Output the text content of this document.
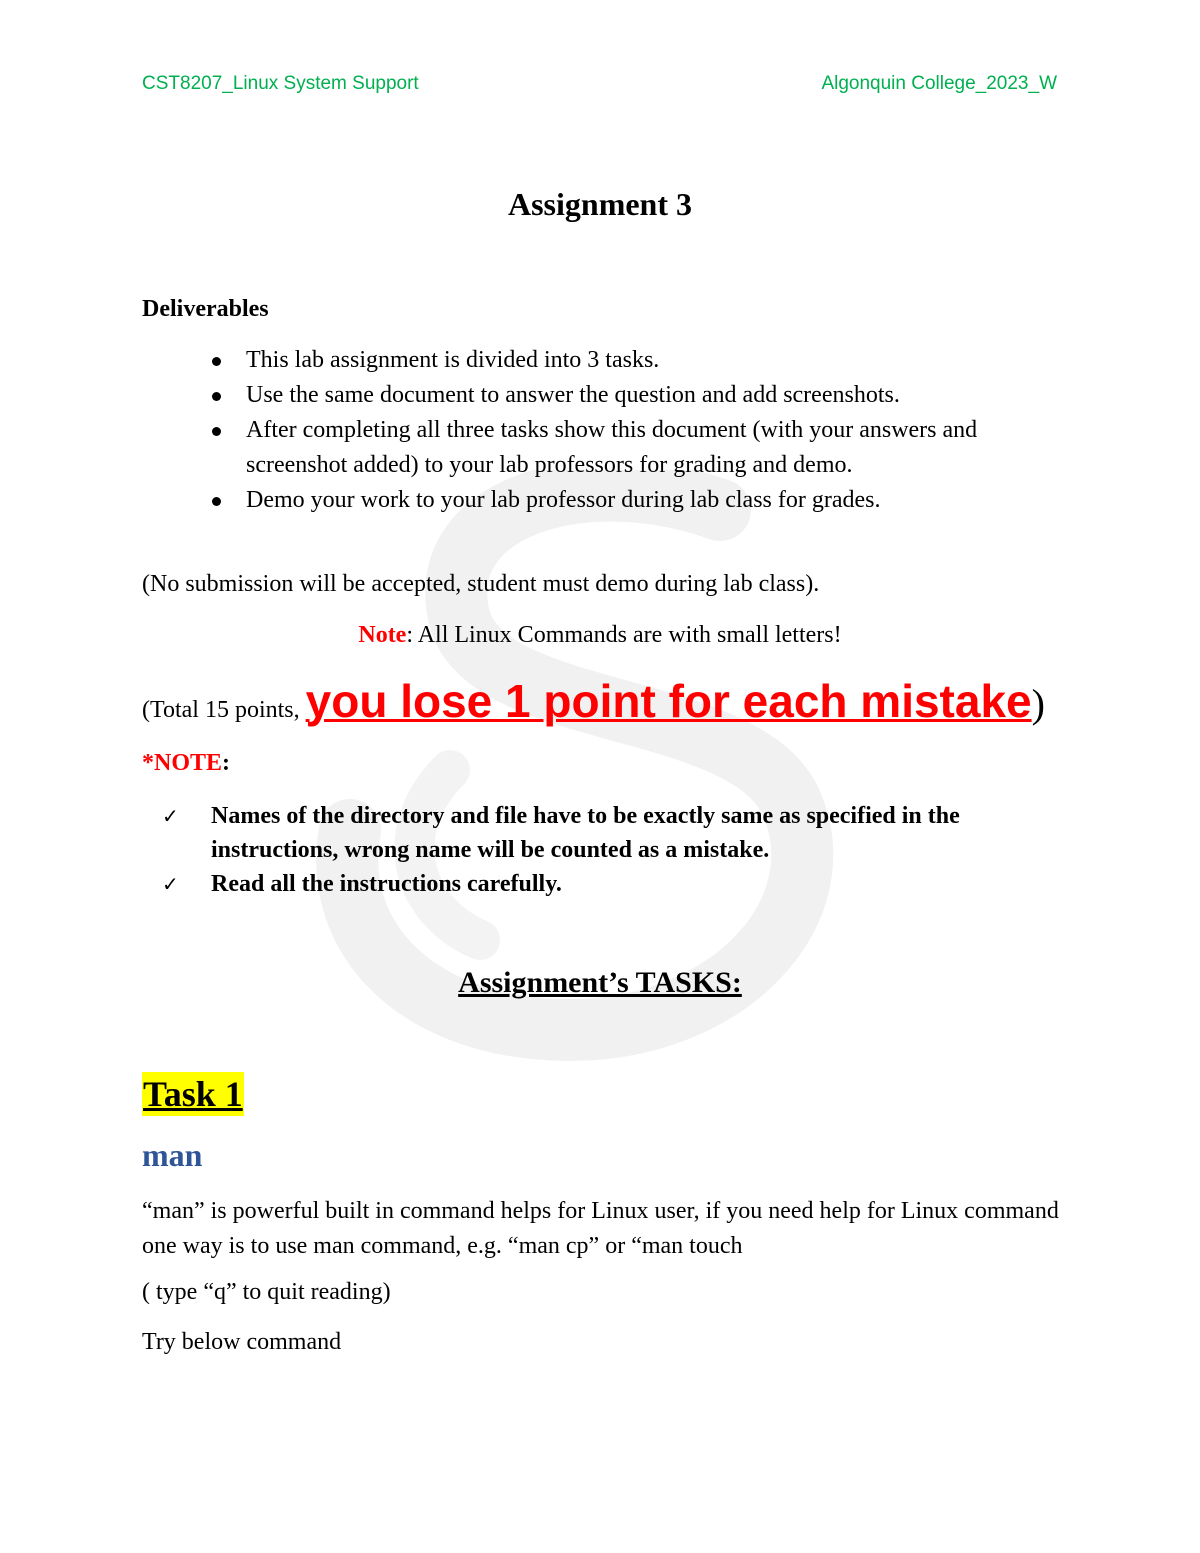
CST8207_Linux System Support	Algonquin College_2023_W
Assignment 3
Deliverables
This lab assignment is divided into 3 tasks.
Use the same document to answer the question and add screenshots.
After completing all three tasks show this document (with your answers and screenshot added) to your lab professors for grading and demo.
Demo your work to your lab professor during lab class for grades.
(No submission will be accepted, student must demo during lab class).
Note: All Linux Commands are with small letters!
(Total 15 points, you lose 1 point for each mistake)
*NOTE:
✓ Names of the directory and file have to be exactly same as specified in the instructions, wrong name will be counted as a mistake.
✓ Read all the instructions carefully.
Assignment’s TASKS:
Task 1
man
“man” is powerful built in command helps for Linux user, if you need help for Linux command one way is to use man command, e.g. “man cp” or “man touch
( type “q” to quit reading)
Try below command
